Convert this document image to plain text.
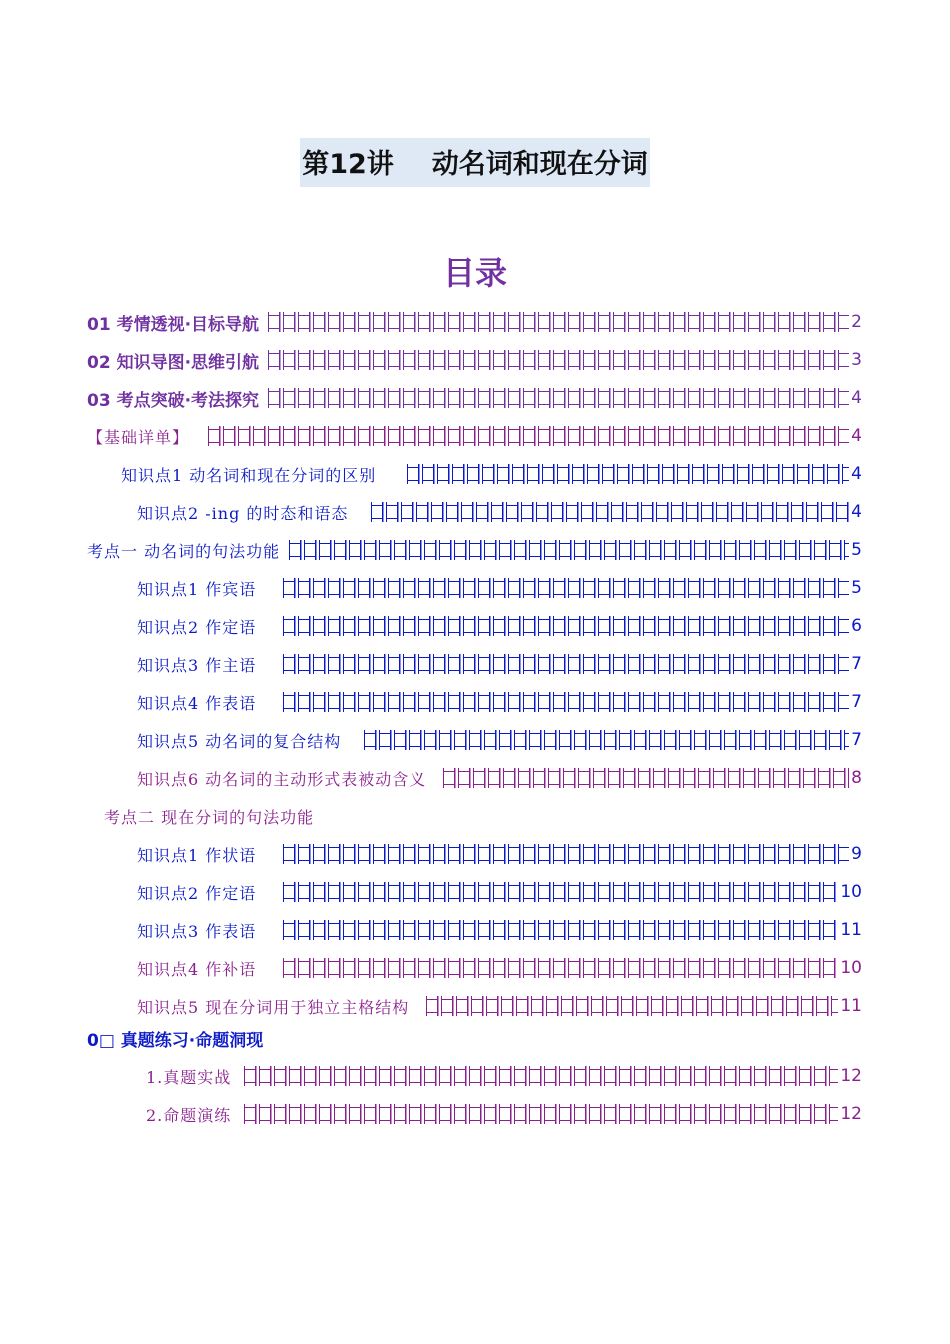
第12讲 动名词和现在分词
目录
01 考情透视·目标导航	2
02 知识导图·思维引航	3
03 考点突破·考法探究	4
【基础详单】	4
知识点1 动名词和现在分词的区别	4
知识点2 -ing 的时态和语态	4
考点一 动名词的句法功能	5
知识点1 作宾语	5
知识点2 作定语	6
知识点3 作主语	7
知识点4 作表语	7
知识点5 动名词的复合结构	7
知识点6 动名词的主动形式表被动含义	8
考点二 现在分词的句法功能
知识点1 作状语	9
知识点2 作定语	10
知识点3 作表语	11
知识点4 作补语	10
知识点5 现在分词用于独立主格结构	11
0□ 真题练习·命题洞现
1.真题实战	12
2.命题演练	12
